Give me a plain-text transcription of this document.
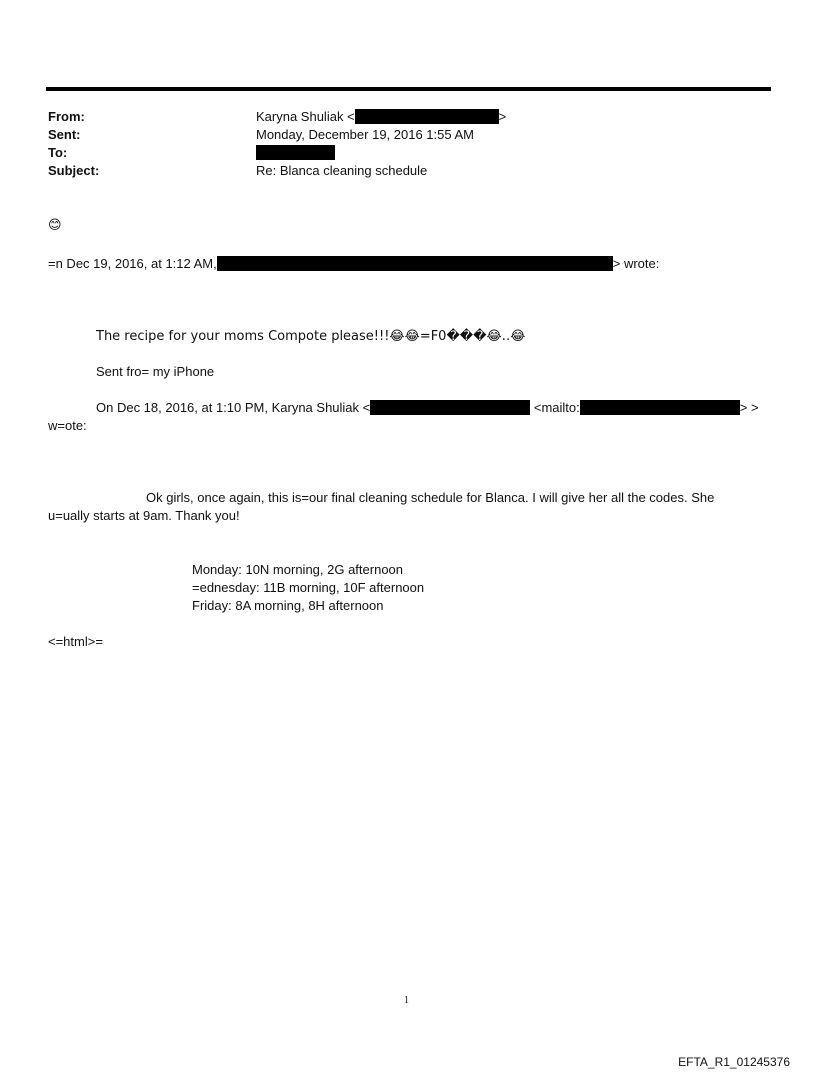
From:	Karyna Shuliak <	>
Sent:	Monday, December 19, 2016 1:55 AM
To:
Subject:	Re: Blanca cleaning schedule
😊
=n Dec 19, 2016, at 1:12 AM,	> wrote:
The recipe for your moms Compote please!!!😂😂=F0���😂‥😂
Sent fro= my iPhone
On Dec 18, 2016, at 1:10 PM, Karyna Shuliak <	<mailto:	> >
w=ote:
Ok girls, once again, this is=our final cleaning schedule for Blanca. I will give her all the codes. She
u=ually starts at 9am. Thank you!
Monday: 10N morning, 2G afternoon
=ednesday: 11B morning, 10F afternoon
Friday: 8A morning, 8H afternoon
<=html>=
1
EFTA_R1_01245376
